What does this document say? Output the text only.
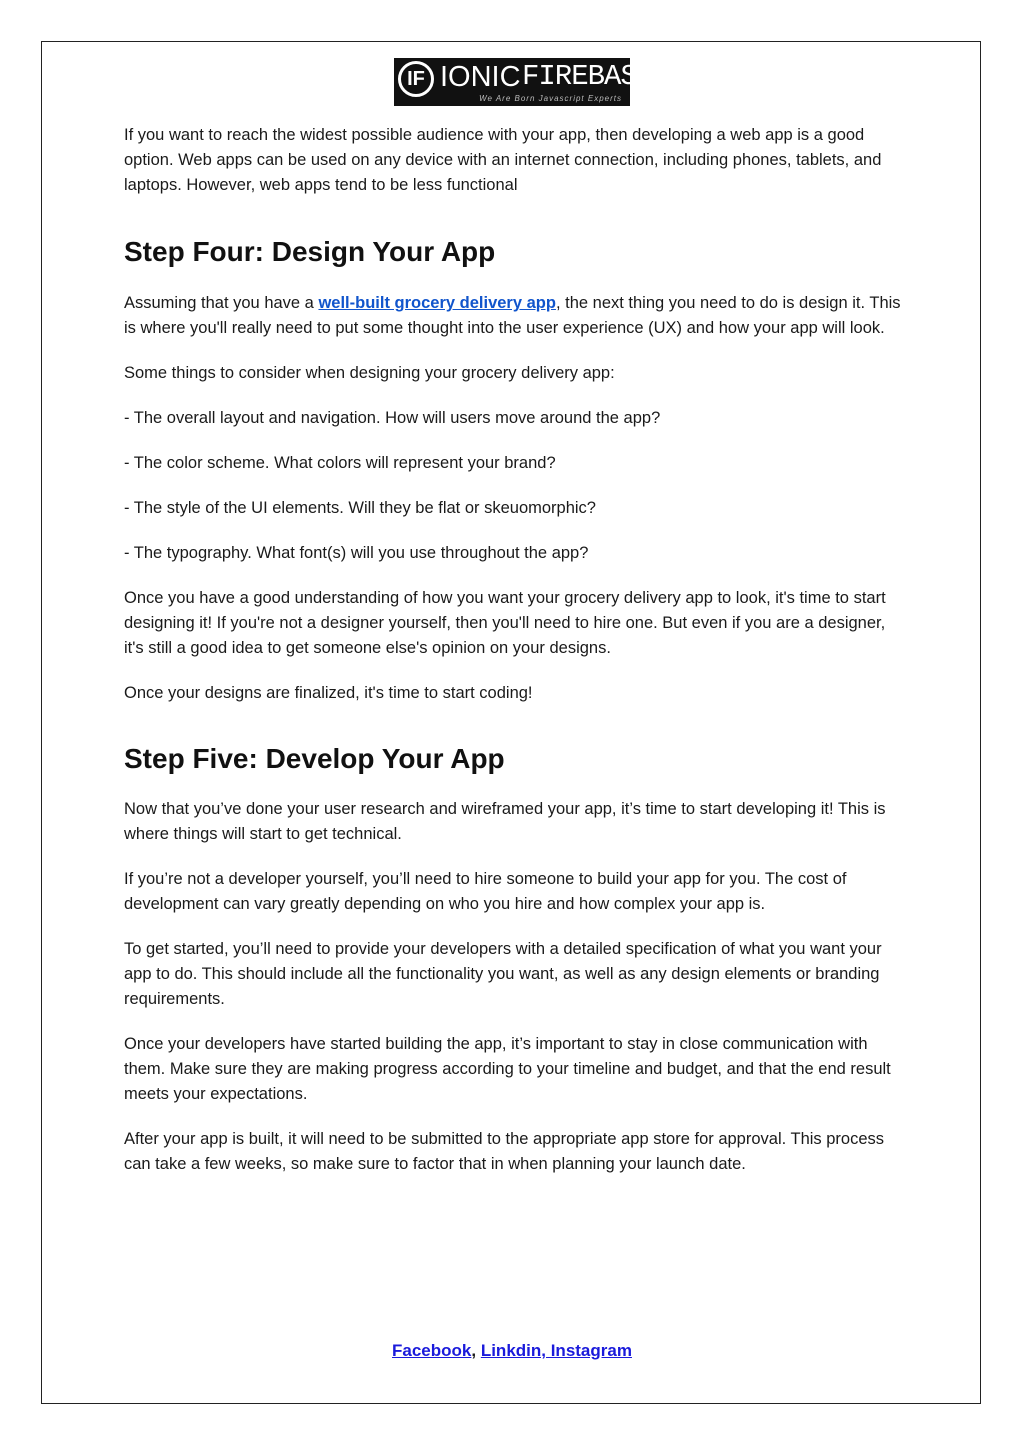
IF IONIC FIREBASE
We Are Born Javascript Experts

If you want to reach the widest possible audience with your app, then developing a web app is a good option. Web apps can be used on any device with an internet connection, including phones, tablets, and laptops. However, web apps tend to be less functional

Step Four: Design Your App

Assuming that you have a well-built grocery delivery app, the next thing you need to do is design it. This is where you'll really need to put some thought into the user experience (UX) and how your app will look.

Some things to consider when designing your grocery delivery app:

- The overall layout and navigation. How will users move around the app?

- The color scheme. What colors will represent your brand?

- The style of the UI elements. Will they be flat or skeuomorphic?

- The typography. What font(s) will you use throughout the app?

Once you have a good understanding of how you want your grocery delivery app to look, it's time to start designing it! If you're not a designer yourself, then you'll need to hire one. But even if you are a designer, it's still a good idea to get someone else's opinion on your designs.

Once your designs are finalized, it's time to start coding!

Step Five: Develop Your App

Now that you’ve done your user research and wireframed your app, it’s time to start developing it! This is where things will start to get technical.

If you’re not a developer yourself, you’ll need to hire someone to build your app for you. The cost of development can vary greatly depending on who you hire and how complex your app is.

To get started, you’ll need to provide your developers with a detailed specification of what you want your app to do. This should include all the functionality you want, as well as any design elements or branding requirements.

Once your developers have started building the app, it’s important to stay in close communication with them. Make sure they are making progress according to your timeline and budget, and that the end result meets your expectations.

After your app is built, it will need to be submitted to the appropriate app store for approval. This process can take a few weeks, so make sure to factor that in when planning your launch date.

Facebook, Linkdin, Instagram
